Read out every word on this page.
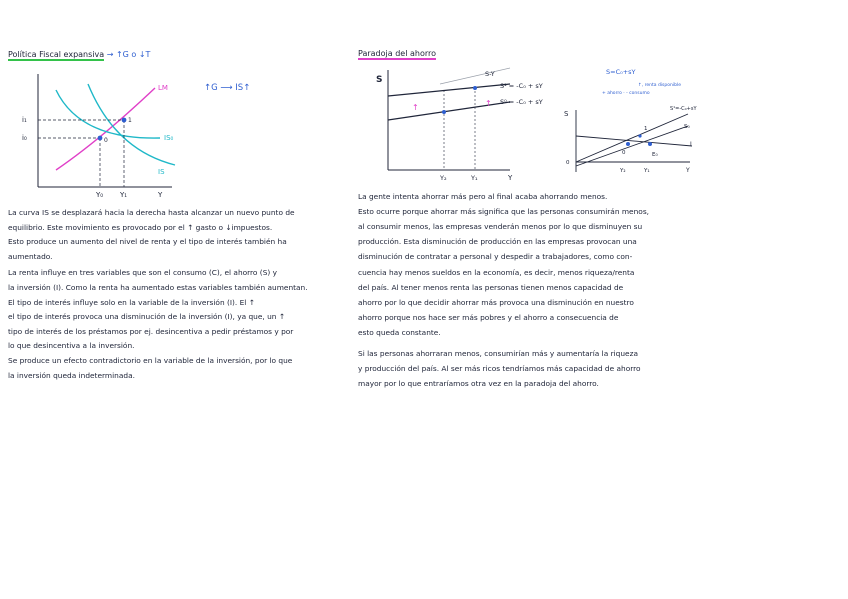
Política Fiscal expansiva → ↑G o ↓T
↑G ⟶ IS↑
0
1
LM
IS₀
IS
i₁
i₀
Y₀ Y₁	Y
La curva IS se desplazará hacia la derecha hasta alcanzar un nuevo punto de
equilibrio. Este movimiento es provocado por el ↑ gasto o ↓impuestos.
Esto produce un aumento del nivel de renta y el tipo de interés también ha
aumentado.
La renta influye en tres variables que son el consumo (C), el ahorro (S) y
la inversión (I). Como la renta ha aumentado estas variables también aumentan.
El tipo de interés influye solo en la variable de la inversión (I). El ↑
el tipo de interés provoca una disminución de la inversión (I), ya que, un ↑
tipo de interés de los préstamos por ej. desincentiva a pedir préstamos y por
lo que desincentiva a la inversión.
Se produce un efecto contradictorio en la variable de la inversión, por lo que
la inversión queda indeterminada.
Paradoja del ahorro
↑	↑
S
S-Y
S¹ = -C₀ + sY
S⁰ = -C₀ + sY
Y₂	Y₁	Y
S=C₀+sY
+ ahorro · - consumo
↑, renta disponible
S
S¹=-C₀+sY
S₀
I
0	E₀
1
Y₂	Y₁	Y
0
La gente intenta ahorrar más pero al final acaba ahorrando menos.
Esto ocurre porque ahorrar más significa que las personas consumirán menos,
al consumir menos, las empresas venderán menos por lo que disminuyen su
producción. Esta disminución de producción en las empresas provocan una
disminución de contratar a personal y despedir a trabajadores, como con-
cuencia hay menos sueldos en la economía, es decir, menos riqueza/renta
del país. Al tener menos renta las personas tienen menos capacidad de
ahorro por lo que decidir ahorrar más provoca una disminución en nuestro
ahorro porque nos hace ser más pobres y el ahorro a consecuencia de
esto queda constante.
Si las personas ahorraran menos, consumirían más y aumentaría la riqueza
y producción del país. Al ser más ricos tendríamos más capacidad de ahorro
mayor por lo que entraríamos otra vez en la paradoja del ahorro.
